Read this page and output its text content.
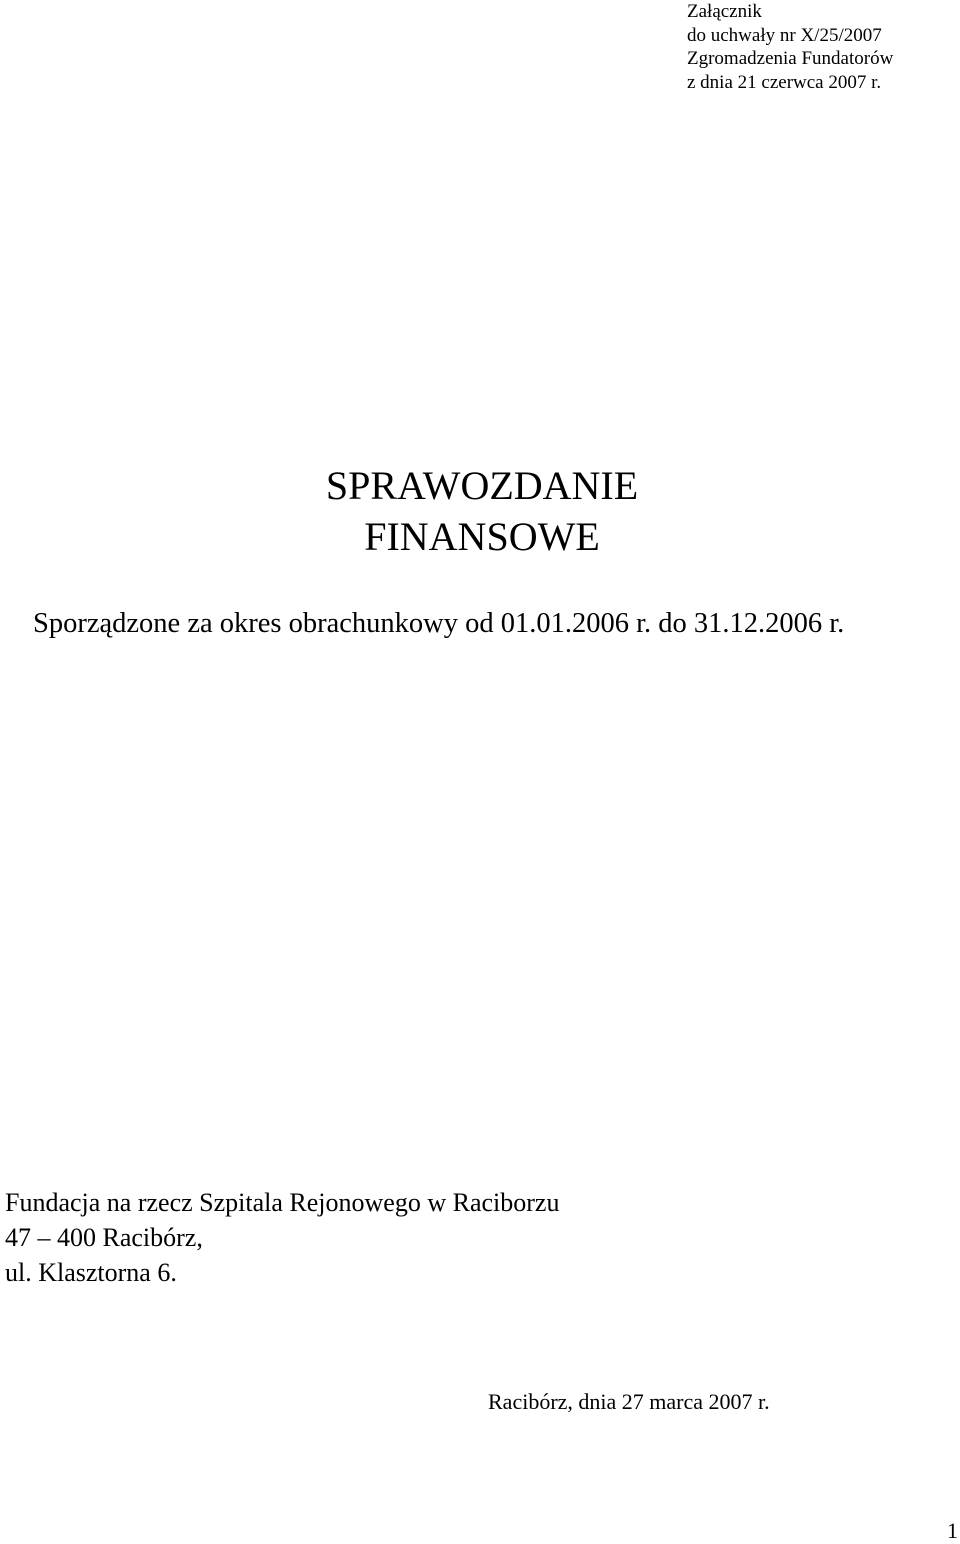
Załącznik
do uchwały nr X/25/2007
Zgromadzenia Fundatorów
z dnia 21 czerwca 2007 r.
SPRAWOZDANIE
FINANSOWE
Sporządzone za okres obrachunkowy od 01.01.2006 r. do 31.12.2006 r.
Fundacja na rzecz Szpitala Rejonowego w Raciborzu
47 – 400 Racibórz,
ul. Klasztorna 6.
Racibórz, dnia 27 marca 2007 r.
1
